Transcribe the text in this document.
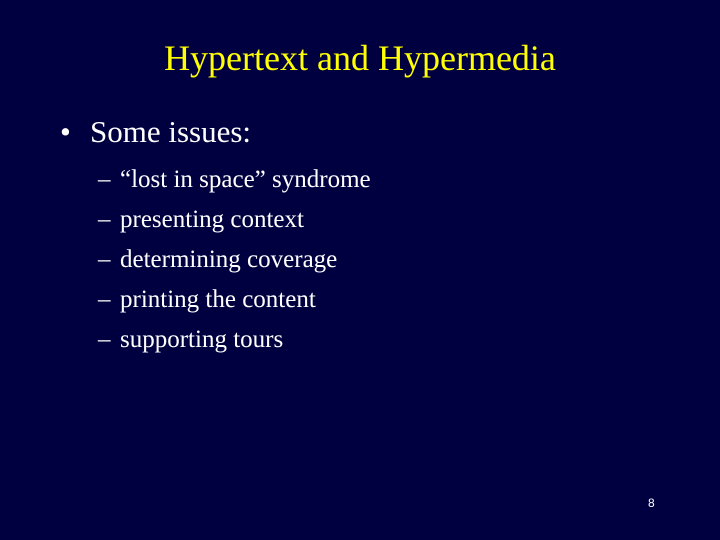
Hypertext and Hypermedia
• Some issues:
– “lost in space” syndrome
– presenting context
– determining coverage
– printing the content
– supporting tours
8
